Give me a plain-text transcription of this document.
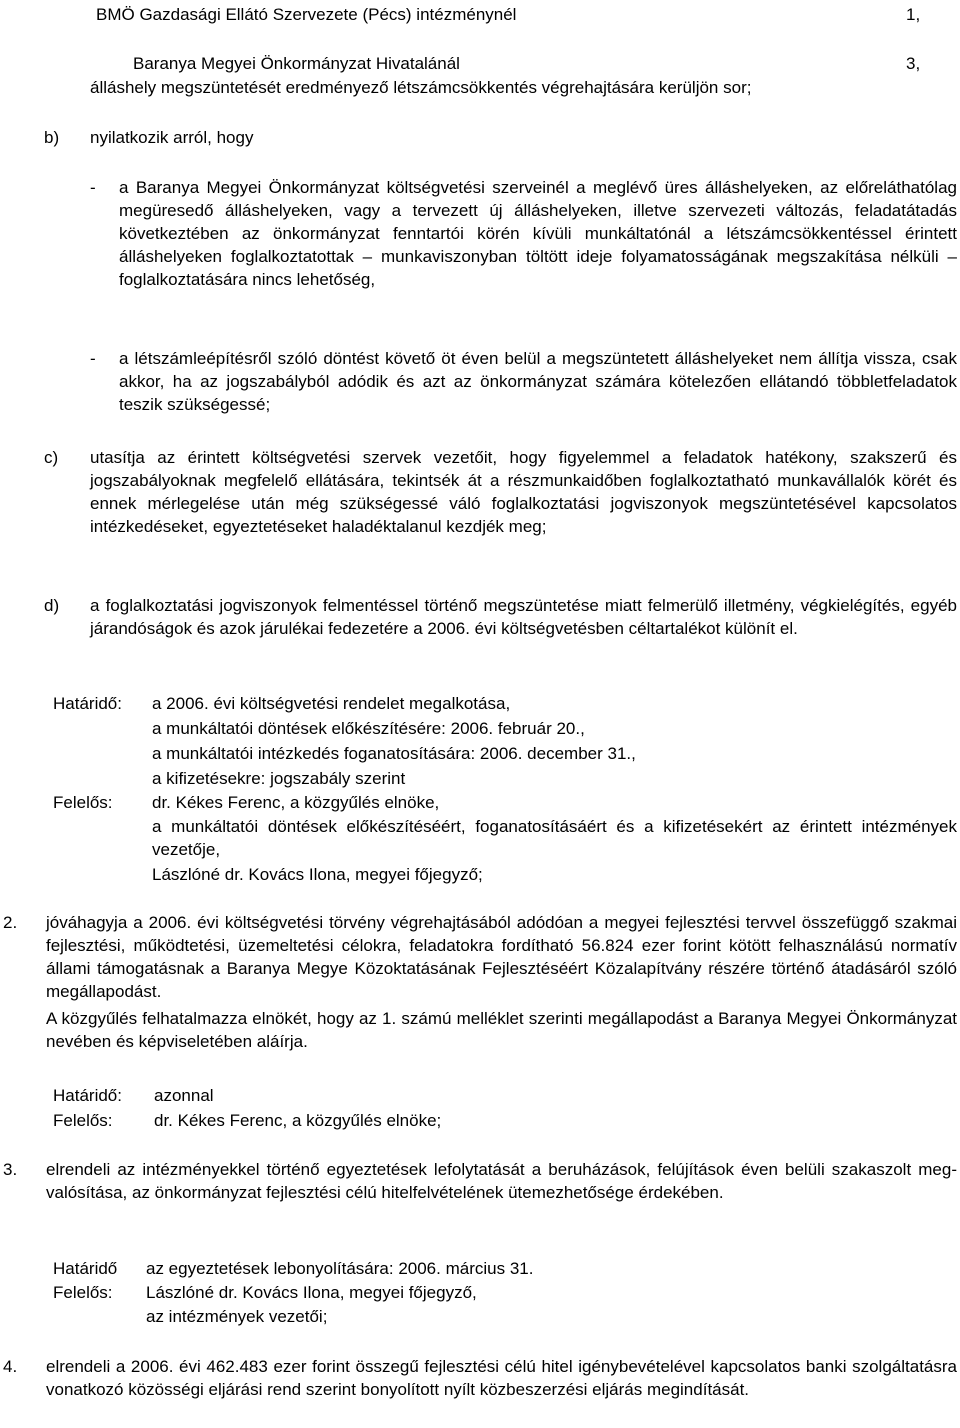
BMÖ Gazdasági Ellátó Szervezete (Pécs) intézménynél	1,
Baranya Megyei Önkormányzat Hivatalánál	3,
álláshely megszüntetését eredményező létszámcsökkentés végrehajtására kerüljön sor;
b) nyilatkozik arról, hogy
- a Baranya Megyei Önkormányzat költségvetési szerveinél a meglévő üres álláshelyeken, az előreláthatólag megüresedő álláshelyeken, vagy a tervezett új álláshelyeken, illetve szervezeti változás, feladatátadás következtében az önkormányzat fenntartói körén kívüli munkáltatónál a létszámcsökkentéssel érintett álláshelyeken foglalkoztatottak – munkaviszonyban töltött ideje folyamatosságának megszakítása nélküli – foglalkoztatására nincs lehetőség,
- a létszámleépítésről szóló döntést követő öt éven belül a megszüntetett álláshelyeket nem állítja vissza, csak akkor, ha az jogszabályból adódik és azt az önkormányzat számára kötelezően ellátandó többletfeladatok teszik szükségessé;
c) utasítja az érintett költségvetési szervek vezetőit, hogy figyelemmel a feladatok hatékony, szakszerű és jogszabályoknak megfelelő ellátására, tekintsék át a részmunkaidőben foglalkoztatható munkavállalók körét és ennek mérlegelése után még szükségessé váló foglalkoztatási jogviszonyok megszüntetésével kapcsolatos intézkedéseket, egyeztetéseket haladéktalanul kezdjék meg;
d) a foglalkoztatási jogviszonyok felmentéssel történő megszüntetése miatt felmerülő illetmény, végkielégítés, egyéb járandóságok és azok járulékai fedezetére a 2006. évi költségvetésben céltartalékot különít el.
Határidő: a 2006. évi költségvetési rendelet megalkotása,
a munkáltatói döntések előkészítésére: 2006. február 20.,
a munkáltatói intézkedés foganatosítására: 2006. december 31.,
a kifizetésekre: jogszabály szerint
Felelős: dr. Kékes Ferenc, a közgyűlés elnöke,
a munkáltatói döntések előkészítéséért, foganatosításáért és a kifizetésekért az érintett intézmények vezetője,
Lászlóné dr. Kovács Ilona, megyei főjegyző;
2. jóváhagyja a 2006. évi költségvetési törvény végrehajtásából adódóan a megyei fejlesztési tervvel összefüggő szakmai fejlesztési, működtetési, üzemeltetési célokra, feladatokra fordítható 56.824 ezer forint kötött felhasználású normatív állami támogatásnak a Baranya Megye Közoktatásának Fejlesztéséért Közalapítvány részére történő átadásáról szóló megállapodást.
A közgyűlés felhatalmazza elnökét, hogy az 1. számú melléklet szerinti megállapodást a Baranya Megyei Önkormányzat nevében és képviseletében aláírja.
Határidő: azonnal
Felelős: dr. Kékes Ferenc, a közgyűlés elnöke;
3. elrendeli az intézményekkel történő egyeztetések lefolytatását a beruházások, felújítások éven belüli szakaszolt meg-valósítása, az önkormányzat fejlesztési célú hitelfelvételének ütemezhetősége érdekében.
Határidő az egyeztetések lebonyolítására: 2006. március 31.
Felelős: Lászlóné dr. Kovács Ilona, megyei főjegyző,
az intézmények vezetői;
4. elrendeli a 2006. évi 462.483 ezer forint összegű fejlesztési célú hitel igénybevételével kapcsolatos banki szolgáltatásra vonatkozó közösségi eljárási rend szerint bonyolított nyílt közbeszerzési eljárás megindítását.
